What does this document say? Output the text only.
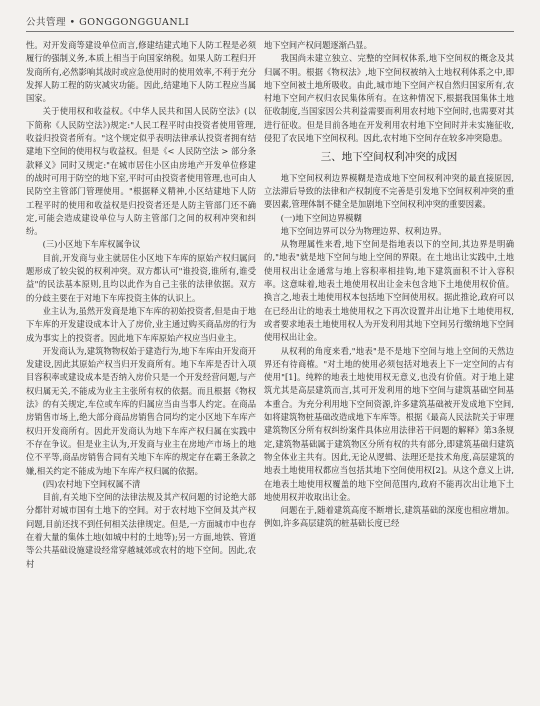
公共管理 • GONGGONGGUANLI

性。对开发商等建设单位而言,修建结建式地下人防工程是必须履行的强制义务,本质上相当于向国家纳税。如果人防工程归开发商所有,必然影响其战时或应急使用时的使用效率,不利于充分发挥人防工程的防灾减灾功能。因此,结建地下人防工程应当属国家。

关于使用权和收益权。《中华人民共和国人民防空法》(以下简称《人民防空法》)规定:"人民工程平时由投资者使用管理,收益归投资者所有。"这个规定似乎表明法律承认投资者拥有结建地下空间的使用权与收益权。但是《< 人民防空法 > 部分条款释义》同时又规定:"在城市居住小区由房地产开发单位修建的战时可用于防空的地下室,平时可由投资者使用管理,也可由人民防空主管部门管理使用。"根据释义精神,小区结建地下人防工程平时的使用和收益权是归投资者还是人防主管部门还不确定,可能会造成建设单位与人防主管部门之间的权利冲突和纠纷。

(三)小区地下车库权属争议

目前,开发商与业主就居住小区地下车库的原始产权归属问题形成了较尖锐的权利冲突。双方都认可"谁投资,谁所有,谁受益"的民法基本原则,且均以此作为自己主张的法律依据。双方的分歧主要在于对地下车库投资主体的认识上。

业主认为,虽然开发商是地下车库的初始投资者,但是由于地下车库的开发建设成本计入了房价,业主通过购买商品房的行为成为事实上的投资者。因此地下车库原始产权应当归业主。

开发商认为,建筑物物权始于建造行为,地下车库由开发商开发建设,因此其原始产权当归开发商所有。地下车库是否计入项目容积率或建设成本是否纳入房价只是一个开发经营问题,与产权归属无关,不能成为业主主张所有权的依据。而且根据《物权法》的有关规定,车位或车库的归属应当由当事人约定。在商品房销售市场上,绝大部分商品房销售合同均约定小区地下车库产权归开发商所有。因此开发商认为地下车库产权归属在实践中不存在争议。但是业主认为,开发商与业主在房地产市场上的地位不平等,商品房销售合同有关地下车库的规定存在霸王条款之嫌,相关约定不能成为地下车库产权归属的依据。

(四)农村地下空间权属不清

目前,有关地下空间的法律法规及其产权问题的讨论绝大部分都针对城市国有土地下的空间。对于农村地下空间及其产权问题,目前还找不到任何相关法律规定。但是,一方面城市中也存在着大量的集体土地(如城中村的土地等);另一方面,地铁、管道等公共基础设施建设经常穿越城郊或农村的地下空间。因此,农村

地下空间产权问题逐渐凸显。

我国尚未建立独立、完整的空间权体系,地下空间权的概念及其归属不明。根据《物权法》,地下空间权被纳入土地权利体系之中,即地下空间被土地所吸收。由此,城市地下空间产权自然归国家所有,农村地下空间产权归农民集体所有。在这种情况下,根据我国集体土地征收制度,当国家因公共利益需要而利用农村地下空间时,也需要对其进行征收。但是目前各地在开发利用农村地下空间时并未实施征收,侵犯了农民地下空间权利。因此,农村地下空间存在较多冲突隐患。

三、地下空间权利冲突的成因

地下空间权利边界模糊是造成地下空间权利冲突的最直接原因,立法滞后导致的法律和产权制度不完善是引发地下空间权利冲突的重要因素,管理体制不健全是加剧地下空间权利冲突的重要因素。

(一)地下空间边界模糊

地下空间边界可以分为物理边界、权利边界。

从物理属性来看,地下空间是指地表以下的空间,其边界是明确的,"地表"就是地下空间与地上空间的界限。在土地出让实践中,土地使用权出让金通常与地上容积率相挂钩,地下建筑面积不计入容积率。这意味着,地表土地使用权出让金未包含地下土地使用权价值。换言之,地表土地使用权本包括地下空间使用权。据此推论,政府可以在已经出让的地表土地使用权之下再次设置并出让地下土地使用权,或者要求地表土地使用权人为开发利用其地下空间另行缴纳地下空间使用权出让金。

从权利的角度来看,"地表"是不是地下空间与地上空间的天然边界还有待商榷。"对土地的使用必须包括对地表上下一定空间的占有使用"[1]。纯粹的地表土地使用权无意义,也没有价值。对于地上建筑尤其是高层建筑而言,其可开发利用的地下空间与建筑基础空间基本重合。为充分利用地下空间资源,许多建筑基础被开发成地下空间,如将建筑物桩基础改造成地下车库等。根据《最高人民法院关于审理建筑物区分所有权纠纷案件具体应用法律若干问题的解释》第3条规定,建筑物基础属于建筑物区分所有权的共有部分,即建筑基础归建筑物全体业主共有。因此,无论从逻辑、法理还是技术角度,高层建筑的地表土地使用权都应当包括其地下空间使用权[2]。从这个意义上讲,在地表土地使用权覆盖的地下空间范围内,政府不能再次出让地下土地使用权并收取出让金。

问题在于,随着建筑高度不断增长,建筑基础的深度也相应增加。例如,许多高层建筑的桩基础长度已经
